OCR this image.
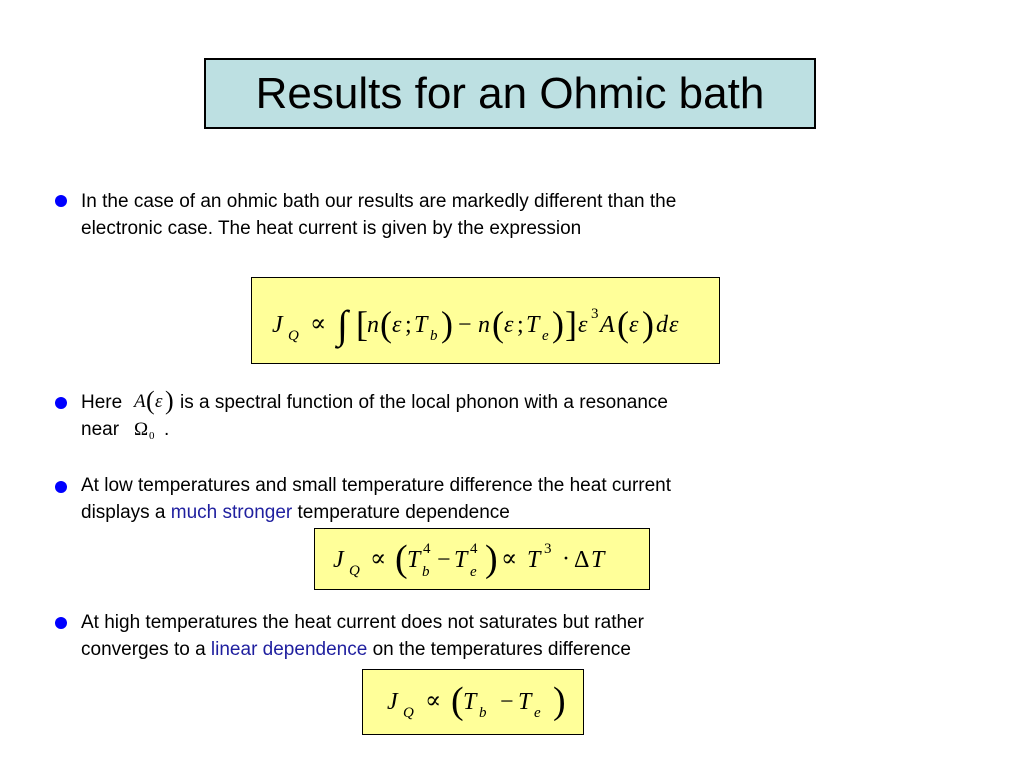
Results for an Ohmic bath
In the case of an ohmic bath our results are markedly different than the
electronic case. The heat current is given by the expression
J Q ∝ ∫ [ n ( ε ; T b ) − n ( ε ; T e ) ] ε 3 A ( ε ) d ε
Here A ( ε ) is a spectral function of the local phonon with a resonance
near Ω 0 .
At low temperatures and small temperature difference the heat current
displays a much stronger temperature dependence
J Q ∝ ( T 4
b − T 4
e ) ∝ T 3 · Δ T
At high temperatures the heat current does not saturates but rather
converges to a linear dependence on the temperatures difference
J Q ∝ ( T b − T e )
